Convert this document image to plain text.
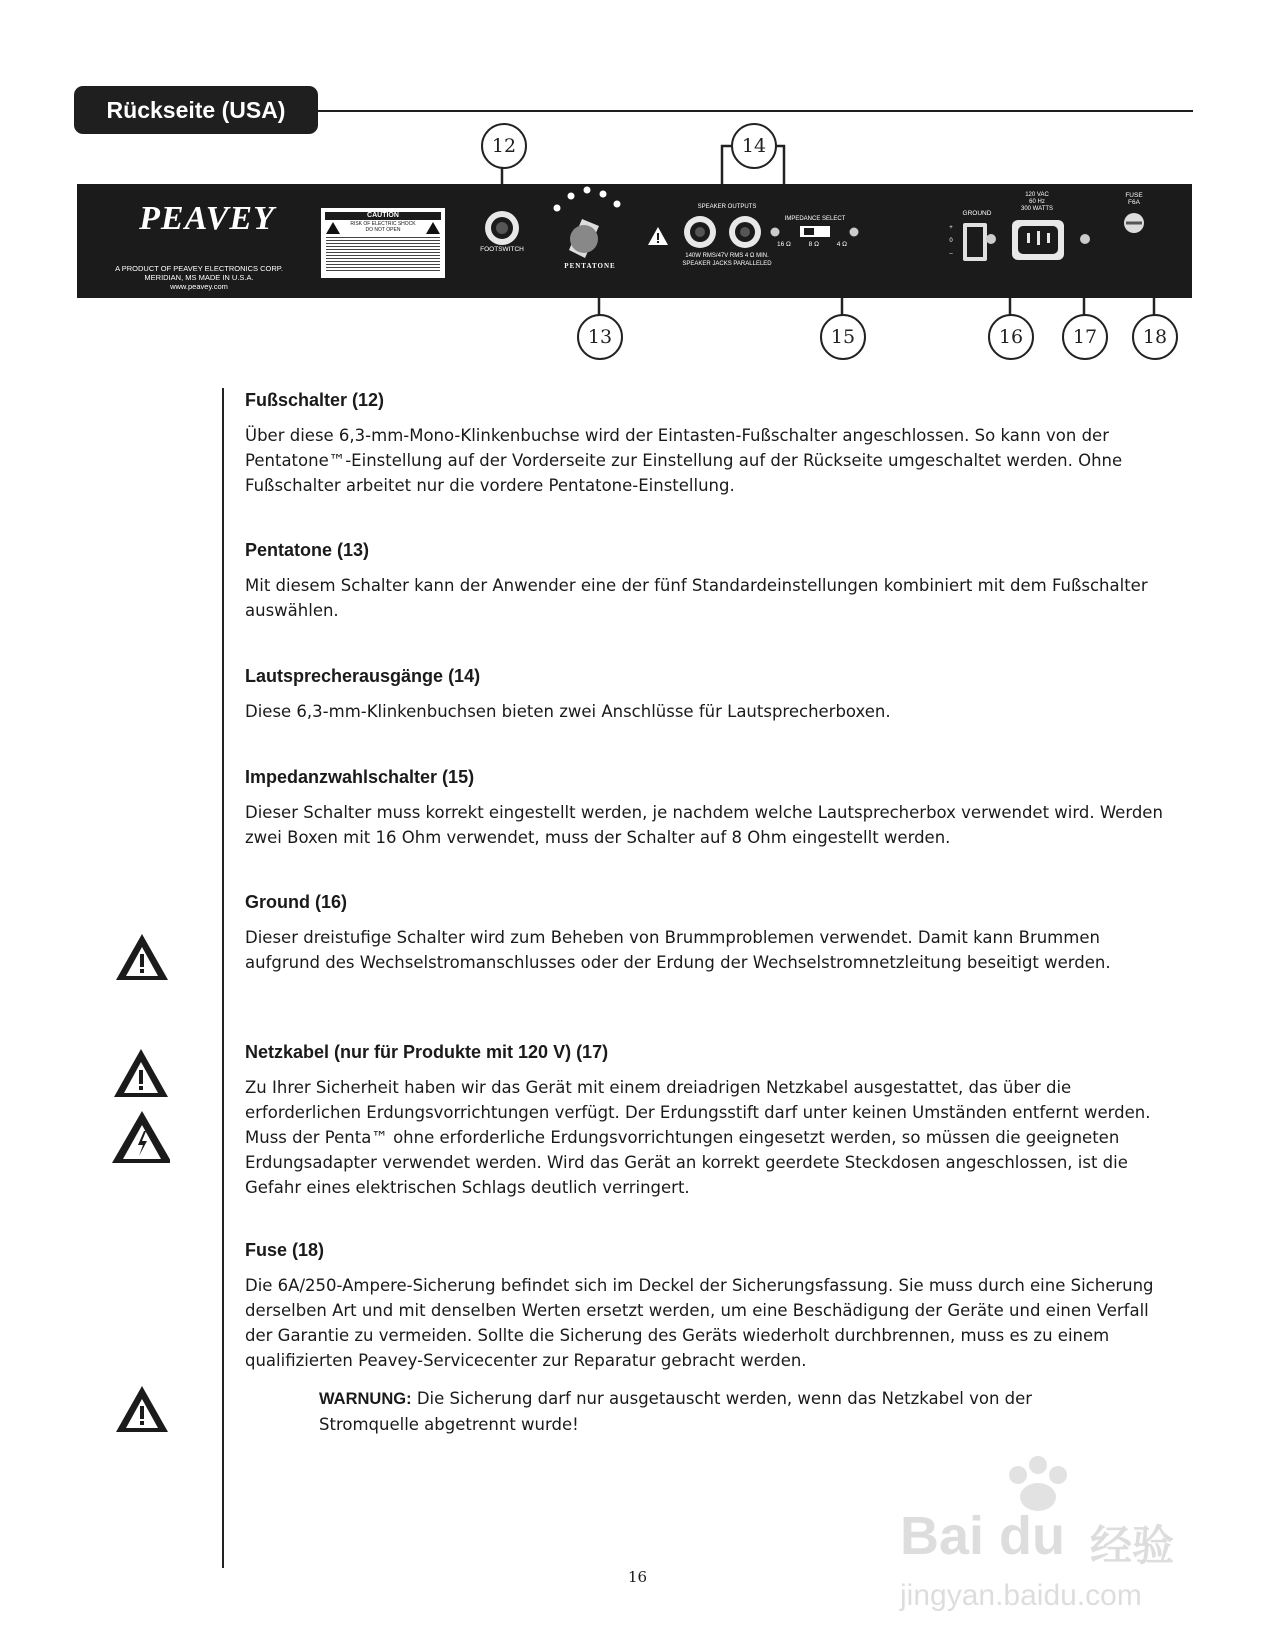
Rückseite (USA)
12	14
13	15	16	17	18
PEAVEY
A PRODUCT OF PEAVEY ELECTRONICS CORP.
MERIDIAN, MS MADE IN U.S.A.
www.peavey.com
CAUTION
RISK OF ELECTRIC SHOCK
DO NOT OPEN
FOOTSWITCH
PENTATONE
SPEAKER OUTPUTS
140W RMS/47V RMS 4 Ω MIN.
SPEAKER JACKS PARALLELED
IMPEDANCE SELECT
16 Ω	8 Ω	4 Ω
GROUND
+
0
–
120 VAC
60 Hz
300 WATTS
FUSE
F6A
Fußschalter (12)

Über diese 6,3-mm-Mono-Klinkenbuchse wird der Eintasten-Fußschalter angeschlossen. So kann von der Pentatone™-Einstellung auf der Vorderseite zur Einstellung auf der Rückseite umgeschaltet werden. Ohne Fußschalter arbeitet nur die vordere Pentatone-Einstellung.

Pentatone (13)

Mit diesem Schalter kann der Anwender eine der fünf Standardeinstellungen kombiniert mit dem Fußschalter auswählen.

Lautsprecherausgänge (14)

Diese 6,3-mm-Klinkenbuchsen bieten zwei Anschlüsse für Lautsprecherboxen.

Impedanzwahlschalter (15)

Dieser Schalter muss korrekt eingestellt werden, je nachdem welche Lautsprecherbox verwendet wird. Werden zwei Boxen mit 16 Ohm verwendet, muss der Schalter auf 8 Ohm eingestellt werden.

Ground (16)

Dieser dreistufige Schalter wird zum Beheben von Brummproblemen verwendet. Damit kann Brummen aufgrund des Wechselstromanschlusses oder der Erdung der Wechselstromnetzleitung beseitigt werden.

Netzkabel (nur für Produkte mit 120 V) (17)

Zu Ihrer Sicherheit haben wir das Gerät mit einem dreiadrigen Netzkabel ausgestattet, das über die erforderlichen Erdungsvorrichtungen verfügt. Der Erdungsstift darf unter keinen Umständen entfernt werden. Muss der Penta™ ohne erforderliche Erdungsvorrichtungen eingesetzt werden, so müssen die geeigneten Erdungsadapter verwendet werden. Wird das Gerät an korrekt geerdete Steckdosen angeschlossen, ist die Gefahr eines elektrischen Schlags deutlich verringert.

Fuse (18)

Die 6A/250-Ampere-Sicherung befindet sich im Deckel der Sicherungsfassung. Sie muss durch eine Sicherung derselben Art und mit denselben Werten ersetzt werden, um eine Beschädigung der Geräte und einen Verfall der Garantie zu vermeiden. Sollte die Sicherung des Geräts wiederholt durchbrennen, muss es zu einem qualifizierten Peavey-Servicecenter zur Reparatur gebracht werden.

WARNUNG: Die Sicherung darf nur ausgetauscht werden, wenn das Netzkabel von der Stromquelle abgetrennt wurde!

16
Bai du 经验
jingyan.baidu.com
